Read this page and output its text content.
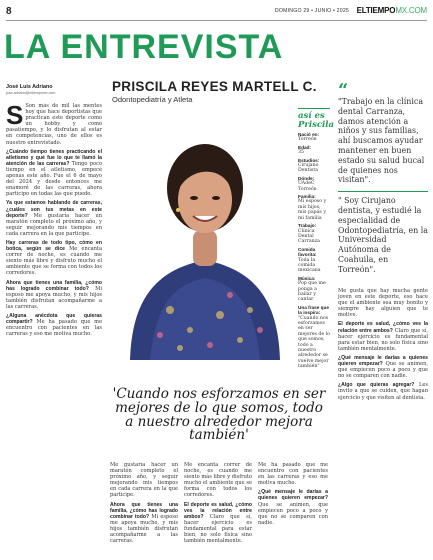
8	DOMINGO 29 • JUNIO • 2025 ELTIEMPOMX.COM
LA ENTREVISTA
José Luis Adriano
jose.adriano@eltiempomx.com	PRISCILA REYES MARTELL C.
Odontopediatría y Atleta

S Son más de mil las mentes hoy que hace deportistas que practican este deporte como un hobby y como pasatiempo, y lo disfrutan al estar en competencias, uno de ellos es nuestro entrevistado.

¿Cuándo tiempo tienes practicando el atletismo y qué fue lo que te llamó la atención de las carreras? Tengo poco tiempo en el atletismo, empecé apenas este año. Fue el 6 de mayo del 2024 y desde entonces me enamoré de las carreras, ahora participo en todas las que puedo.

Ya que estamos hablando de carreras, ¿cuáles son tus metas en este deporte? Me gustaría hacer un maratón completo el próximo año, y seguir mejorando mis tiempos en cada carrera en la que participe.

Hay carreras de todo tipo, cómo en botica, según se dice Me encanta correr de noche, es cuando me siento más libre y disfruto mucho el ambiente que se forma con todos los corredores.

Ahora que tienes una familia, ¿cómo has logrado combinar todo? Mi esposo me apoya mucho, y mis hijos también disfrutan acompañarme a las carreras.

¿Alguna anécdota que quieras compartir? Me ha pasado que me encuentro con pacientes en las carreras y eso me motiva mucho.

así es
Priscila
Nació en:
Torreón
Edad:
35
Estudios:
Cirujano Dentista
Dónde:
UAdeC Torreón
Familia:
Mi esposo y mis hijos, mis papás y mi familia
Trabajo:
Clínica Dental Carranza
Comida favorita:
Toda la comida mexicana
Música:
Pop que me ponga a bailar y cantar
Una frase que la inspira:
"Cuando nos esforzamos en ser mejores de lo que somos, todo a nuestro alrededor se vuelve mejor también"
“
"Trabajo en la clínica dental Carranza, damos atención a niños y sus familias, ahí buscamos ayudar mantener en buen estado su salud bucal de quienes nos visitan".
" Soy Cirujano dentista, y estudié la especialidad de Odontopediatría, en la Universidad Autónoma de Coahuila, en Torreón".

Me gusta que hay mucha gente joven en este deporte, eso hace que el ambiente sea muy bonito y siempre hay alguien que te motive.

El deporte es salud, ¿cómo ves la relación entre ambos? Claro que sí, hacer ejercicio es fundamental para estar bien, no solo física sino también mentalmente.

¿Qué mensaje le darías a quienes quieren empezar? Que se animen, que empiecen poco a poco y que no se comparen con nadie.

¿Algo que quieras agregar? Les invito a que se cuiden, que hagan ejercicio y que visiten al dentista.

'Cuando nos esforzamos en ser mejores de lo que somos, todo a nuestro alrededor mejora también'

Me gustaría hacer un maratón completo el próximo año, y seguir mejorando mis tiempos en cada carrera en la que participe.

Ahora que tienes una familia, ¿cómo has logrado combinar todo? Mi esposo me apoya mucho, y mis hijos también disfrutan acompañarme a las carreras.

Me encanta correr de noche, es cuando me siento más libre y disfruto mucho el ambiente que se forma con todos los corredores.

El deporte es salud, ¿cómo ves la relación entre ambos? Claro que sí, hacer ejercicio es fundamental para estar bien, no solo física sino también mentalmente.

Me ha pasado que me encuentro con pacientes en las carreras y eso me motiva mucho.

¿Qué mensaje le darías a quienes quieren empezar? Que se animen, que empiecen poco a poco y que no se comparen con nadie.
